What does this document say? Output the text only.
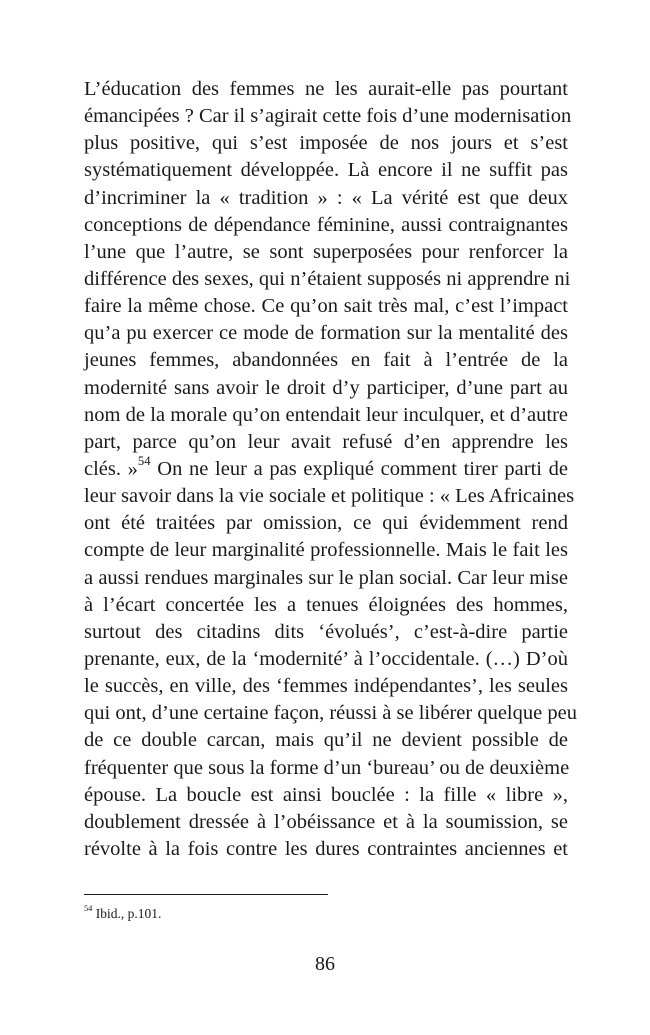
L’éducation des femmes ne les aurait-elle pas pourtant
émancipées ? Car il s’agirait cette fois d’une modernisation
plus positive, qui s’est imposée de nos jours et s’est
systématiquement développée. Là encore il ne suffit pas
d’incriminer la « tradition » : « La vérité est que deux
conceptions de dépendance féminine, aussi contraignantes
l’une que l’autre, se sont superposées pour renforcer la
différence des sexes, qui n’étaient supposés ni apprendre ni
faire la même chose. Ce qu’on sait très mal, c’est l’impact
qu’a pu exercer ce mode de formation sur la mentalité des
jeunes femmes, abandonnées en fait à l’entrée de la
modernité sans avoir le droit d’y participer, d’une part au
nom de la morale qu’on entendait leur inculquer, et d’autre
part, parce qu’on leur avait refusé d’en apprendre les
clés. »$^{54}$ On ne leur a pas expliqué comment tirer parti de
leur savoir dans la vie sociale et politique : « Les Africaines
ont été traitées par omission, ce qui évidemment rend
compte de leur marginalité professionnelle. Mais le fait les
a aussi rendues marginales sur le plan social. Car leur mise
à l’écart concertée les a tenues éloignées des hommes,
surtout des citadins dits ‘évolués’, c’est-à-dire partie
prenante, eux, de la ‘modernité’ à l’occidentale. (…) D’où
le succès, en ville, des ‘femmes indépendantes’, les seules
qui ont, d’une certaine façon, réussi à se libérer quelque peu
de ce double carcan, mais qu’il ne devient possible de
fréquenter que sous la forme d’un ‘bureau’ ou de deuxième
épouse. La boucle est ainsi bouclée : la fille « libre »,
doublement dressée à l’obéissance et à la soumission, se
révolte à la fois contre les dures contraintes anciennes et
$^{54}$ Ibid., p.101.
86
